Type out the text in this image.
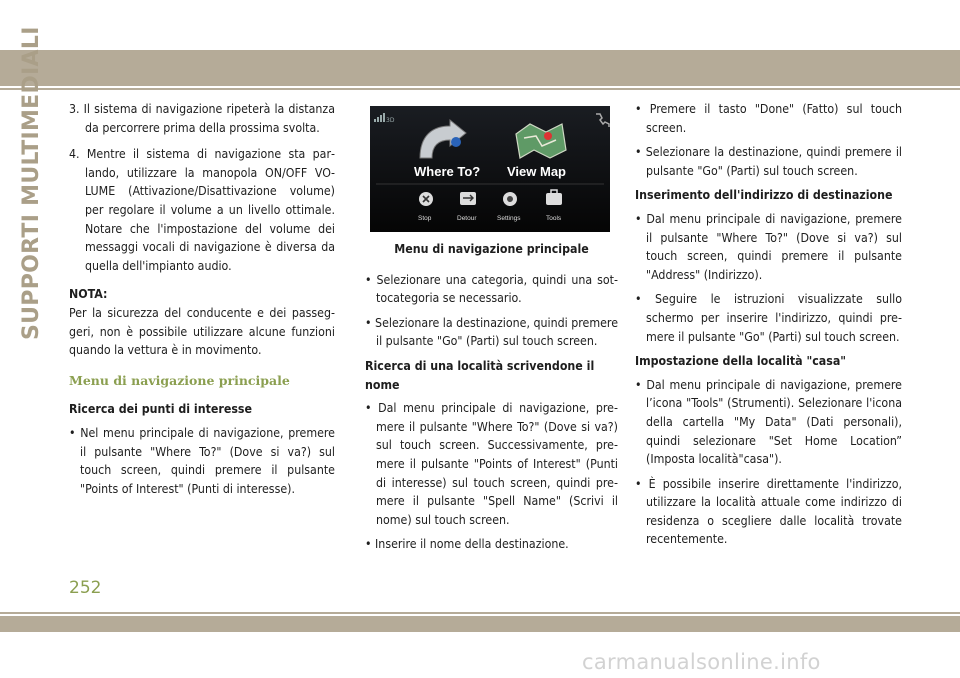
SUPPORTI MULTIMEDIALI 3. Il sistema di navigazione ripeterà la distanza da percorrere prima della prossima svolta.

4. Mentre il sistema di navigazione sta parlando, utilizzare la manopola ON/OFF VOLUME (Attivazione/Disattivazione volume) per regolare il volume a un livello ottimale. Notare che l'impostazione del volume dei messaggi vocali di navigazione è diversa da quella dell'impianto audio.

NOTA:

Per la sicurezza del conducente e dei passeggeri, non è possibile utilizzare alcune funzioni quando la vettura è in movimento.

Menu di navigazione principale

Ricerca dei punti di interesse

• Nel menu principale di navigazione, premere il pulsante "Where To?" (Dove si va?) sul touch screen, quindi premere il pulsante "Points of Interest" (Punti di interesse).

3D
Where To? View Map
Stop	Detour	Settings	Tools
Menu di navigazione principale

• Selezionare una categoria, quindi una sottocategoria se necessario.

• Selezionare la destinazione, quindi premere il pulsante "Go" (Parti) sul touch screen.

Ricerca di una località scrivendone il nome

• Dal menu principale di navigazione, premere il pulsante "Where To?" (Dove si va?) sul touch screen. Successivamente, premere il pulsante "Points of Interest" (Punti di interesse) sul touch screen, quindi premere il pulsante "Spell Name" (Scrivi il nome) sul touch screen.

• Inserire il nome della destinazione.

• Premere il tasto "Done" (Fatto) sul touch screen.

• Selezionare la destinazione, quindi premere il pulsante "Go" (Parti) sul touch screen.

Inserimento dell'indirizzo di destinazione

• Dal menu principale di navigazione, premere il pulsante "Where To?" (Dove si va?) sul touch screen, quindi premere il pulsante "Address" (Indirizzo).

• Seguire le istruzioni visualizzate sullo schermo per inserire l'indirizzo, quindi premere il pulsante "Go" (Parti) sul touch screen.

Impostazione della località "casa"

• Dal menu principale di navigazione, premere l’icona "Tools" (Strumenti). Selezionare l'icona della cartella "My Data" (Dati personali), quindi selezionare "Set Home Location” (Imposta località"casa").

• È possibile inserire direttamente l'indirizzo, utilizzare la località attuale come indirizzo di residenza o scegliere dalle località trovate recentemente.

252
carmanualsonline.info
